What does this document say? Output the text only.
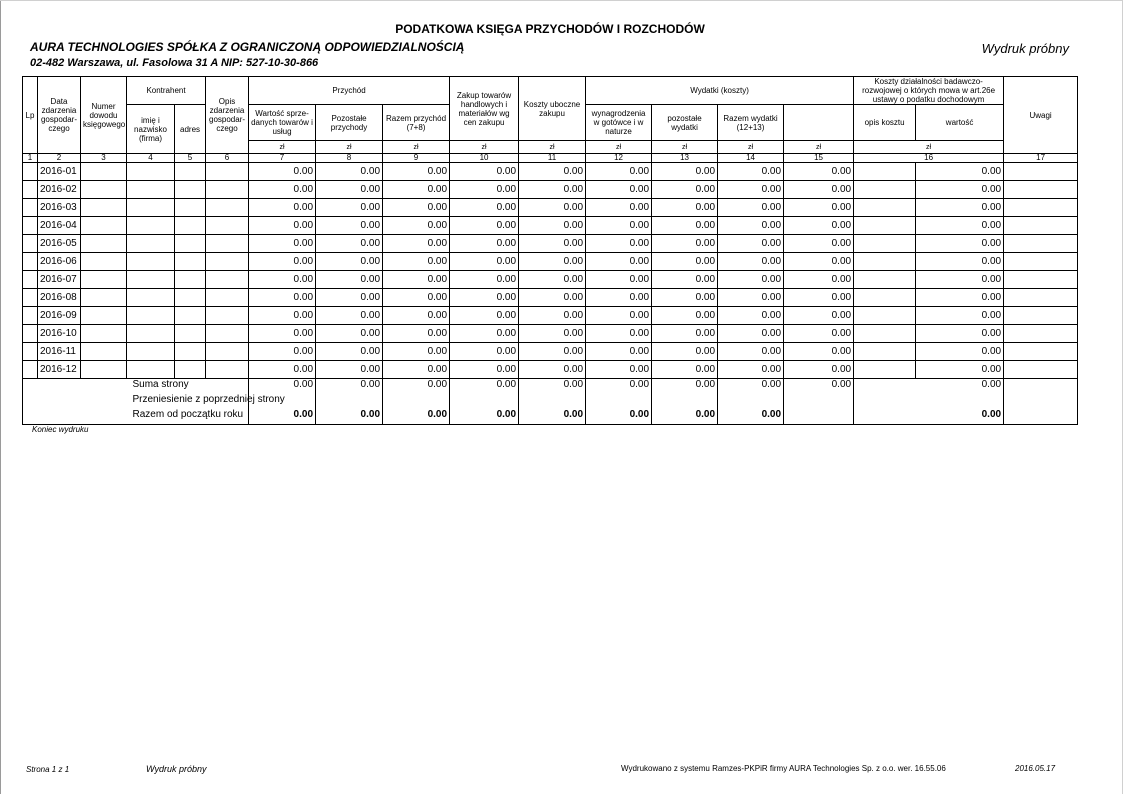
PODATKOWA KSIĘGA PRZYCHODÓW I ROZCHODÓW
AURA TECHNOLOGIES SPÓŁKA Z OGRANICZONĄ ODPOWIEDZIALNOŚCIĄ
02-482 Warszawa, ul. Fasolowa 31 A NIP: 527-10-30-866
Wydruk próbny
Lp	Data zdarzenia gospodar-czego	Numer dowodu księgowego	Kontrahent		Opis zdarzenia gospodar-czego	Przychód			Zakup towarów handlowych i materiałów wg cen zakupu	Koszty uboczne zakupu	Wydatki (koszty)				Koszty działalności badawczo-rozwojowej o których mowa w art.26e ustawy o podatku dochodowym		Uwagi
			imię i nazwisko (firma)	adres		Wartość sprze-danych towarów i usług	Pozostałe przychody	Razem przychód (7+8)			wynagrodzenia w gotówce i w naturze	pozostałe wydatki	Razem wydatki (12+13)		opis kosztu	wartość	
						zł	zł	zł	zł	zł	zł	zł	zł	zł	zł		
1	2	3	4	5	6	7	8	9	10	11	12	13	14	15	16		17
	2016-01					0.00	0.00	0.00	0.00	0.00	0.00	0.00	0.00	0.00		0.00	
	2016-02					0.00	0.00	0.00	0.00	0.00	0.00	0.00	0.00	0.00		0.00	
	2016-03					0.00	0.00	0.00	0.00	0.00	0.00	0.00	0.00	0.00		0.00	
	2016-04					0.00	0.00	0.00	0.00	0.00	0.00	0.00	0.00	0.00		0.00	
	2016-05					0.00	0.00	0.00	0.00	0.00	0.00	0.00	0.00	0.00		0.00	
	2016-06					0.00	0.00	0.00	0.00	0.00	0.00	0.00	0.00	0.00		0.00	
	2016-07					0.00	0.00	0.00	0.00	0.00	0.00	0.00	0.00	0.00		0.00	
	2016-08					0.00	0.00	0.00	0.00	0.00	0.00	0.00	0.00	0.00		0.00	
	2016-09					0.00	0.00	0.00	0.00	0.00	0.00	0.00	0.00	0.00		0.00	
	2016-10					0.00	0.00	0.00	0.00	0.00	0.00	0.00	0.00	0.00		0.00	
	2016-11					0.00	0.00	0.00	0.00	0.00	0.00	0.00	0.00	0.00		0.00	
	2016-12					0.00	0.00	0.00	0.00	0.00	0.00	0.00	0.00	0.00		0.00	
		Suma strony				0.00	0.00	0.00	0.00	0.00	0.00	0.00	0.00	0.00		0.00	
		Przeniesienie z poprzedniej strony															
		Razem od początku roku				0.00	0.00	0.00	0.00	0.00	0.00	0.00	0.00			0.00	
Koniec wydruku
Strona 1 z 1	Wydruk próbny	Wydrukowano z systemu Ramzes-PKPiR firmy AURA Technologies Sp. z o.o. wer. 16.55.06	2016.05.17
